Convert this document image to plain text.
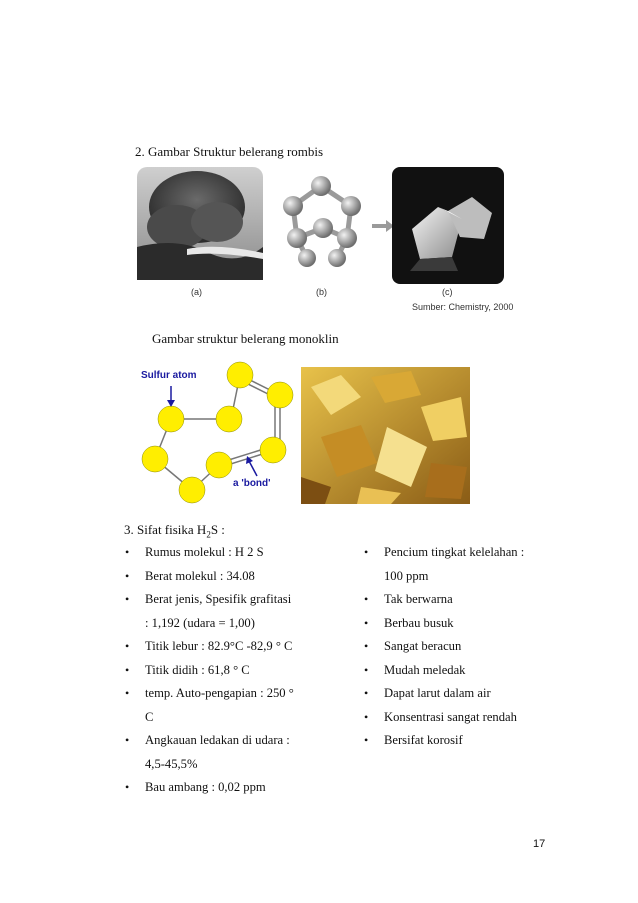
2. Gambar Struktur belerang rombis
(a)	(b)	(c)
Sumber: Chemistry, 2000
Gambar struktur belerang monoklin
Sulfur atom
a 'bond'
3. Sifat fisika $H_2S$ :
• Rumus molekul : H 2 S
• Berat molekul : 34.08
• Berat jenis, Spesifik grafitasi
: 1,192 (udara = 1,00)
• Titik lebur : 82.9°C -82,9 ° C
• Titik didih : 61,8 ° C
• temp. Auto-pengapian : 250 °
C
• Angkauan ledakan di udara :
4,5-45,5%
• Bau ambang : 0,02 ppm
• Pencium tingkat kelelahan :
100 ppm
• Tak berwarna
• Berbau busuk
• Sangat beracun
• Mudah meledak
• Dapat larut dalam air
• Konsentrasi sangat rendah
• Bersifat korosif
17
